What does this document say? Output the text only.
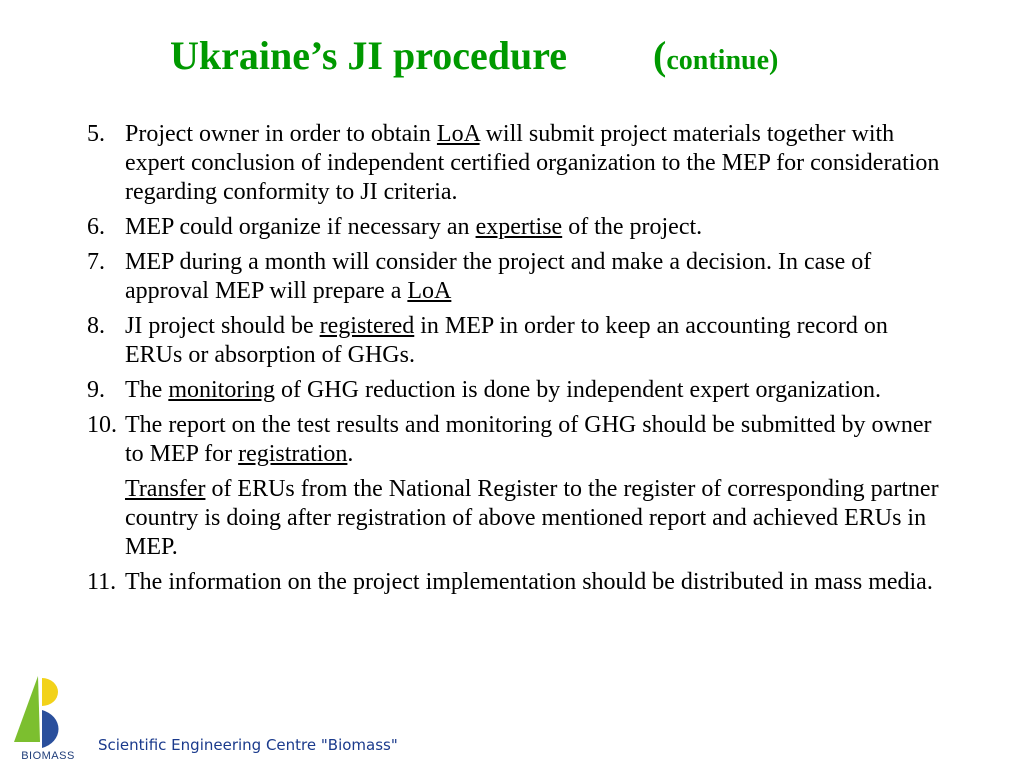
Ukraine’s JI procedure (continue)
5. Project owner in order to obtain LoA will submit project materials together with expert conclusion of independent certified organization to the MEP for consideration regarding conformity to JI criteria.
6. MEP could organize if necessary an expertise of the project.
7. MEP during a month will consider the project and make a decision. In case of approval MEP will prepare a LoA
8. JI project should be registered in MEP in order to keep an accounting record on ERUs or absorption of GHGs.
9. The monitoring of GHG reduction is done by independent expert organization.
10. The report on the test results and monitoring of GHG should be submitted by owner to MEP for registration.
Transfer of ERUs from the National Register to the register of corresponding partner country is doing after registration of above mentioned report and achieved ERUs in MEP.
11. The information on the project implementation should be distributed in mass media.
BIOMASS
Scientific Engineering Centre "Biomass"
